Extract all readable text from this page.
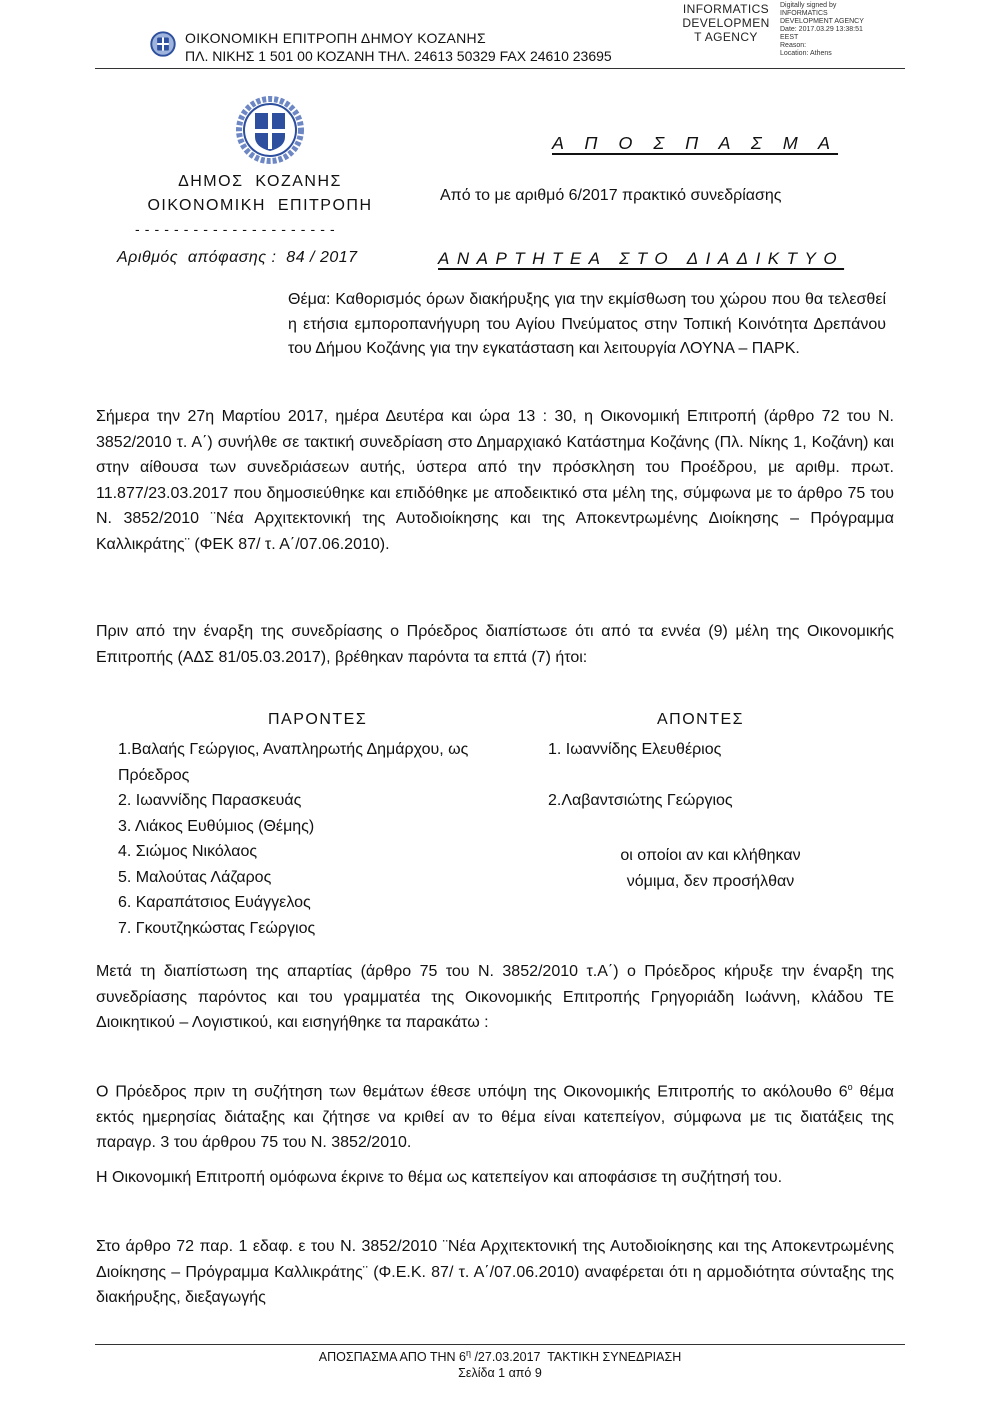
ΟΙΚΟΝΟΜΙΚΗ ΕΠΙΤΡΟΠΗ ΔΗΜΟΥ ΚΟΖΑΝΗΣ
ΠΛ. ΝΙΚΗΣ 1 501 00 ΚΟΖΑΝΗ ΤΗΛ. 24613 50329 FAX 24610 23695
INFORMATICS
DEVELOPMEN
T AGENCY
Digitally signed by
INFORMATICS
DEVELOPMENT AGENCY
Date: 2017.03.29 13:38:51
EEST
Reason:
Location: Athens
Α Π Ο Σ Π Α Σ Μ Α
ΔΗΜΟΣ  ΚΟΖΑΝΗΣ
ΟΙΚΟΝΟΜΙΚΗ  ΕΠΙΤΡΟΠΗ
- - - - - - - - - - - - - - - - - - - - -
Από το με αριθμό 6/2017 πρακτικό συνεδρίασης
Αριθμός  απόφασης :  84 / 2017	ΑΝΑΡΤΗΤΕΑ ΣΤΟ ΔΙΑΔΙΚΤΥΟ
Θέμα: Καθορισμός όρων διακήρυξης για την εκμίσθωση του χώρου που θα τελεσθεί η ετήσια εμποροπανήγυρη του Αγίου Πνεύματος στην Τοπική Κοινότητα Δρεπάνου του Δήμου Κοζάνης για την εγκατάσταση και λειτουργία ΛΟΥΝΑ – ΠΑΡΚ.
Σήμερα την 27η Μαρτίου 2017, ημέρα Δευτέρα και ώρα 13 : 30, η Οικονομική Επιτροπή (άρθρο 72 του Ν. 3852/2010 τ. Α΄) συνήλθε σε τακτική συνεδρίαση στο Δημαρχιακό Κατάστημα Κοζάνης (Πλ. Νίκης 1, Κοζάνη) και στην αίθουσα των συνεδριάσεων αυτής, ύστερα από την πρόσκληση του Προέδρου, με αριθμ. πρωτ. 11.877/23.03.2017 που δημοσιεύθηκε και επιδόθηκε με αποδεικτικό στα μέλη της, σύμφωνα με το άρθρο 75 του Ν. 3852/2010 ¨Νέα Αρχιτεκτονική της Αυτοδιοίκησης και της Αποκεντρωμένης Διοίκησης – Πρόγραμμα Καλλικράτης¨ (ΦΕΚ 87/ τ. Α΄/07.06.2010).
Πριν από την έναρξη της συνεδρίασης ο Πρόεδρος διαπίστωσε ότι από τα εννέα (9) μέλη της Οικονομικής Επιτροπής (ΑΔΣ 81/05.03.2017), βρέθηκαν παρόντα τα επτά (7) ήτοι:
ΠΑΡΟΝΤΕΣ	ΑΠΟΝΤΕΣ
1.Βαλαής Γεώργιος, Αναπληρωτής Δημάρχου, ως
Πρόεδρος
2. Ιωαννίδης Παρασκευάς
3. Λιάκος Ευθύμιος (Θέμης)
4. Σιώμος Νικόλαος
5. Μαλούτας Λάζαρος
6. Καραπάτσιος Ευάγγελος
7. Γκουτζηκώστας Γεώργιος
1. Ιωαννίδης Ελευθέριος
2.Λαβαντσιώτης Γεώργιος
οι οποίοι αν και κλήθηκαν
νόμιμα, δεν προσήλθαν
Μετά τη διαπίστωση της απαρτίας (άρθρο 75 του Ν. 3852/2010 τ.Α΄) ο Πρόεδρος κήρυξε την έναρξη της συνεδρίασης παρόντος και του γραμματέα της Οικονομικής Επιτροπής Γρηγοριάδη Ιωάννη, κλάδου ΤΕ Διοικητικού – Λογιστικού, και εισηγήθηκε τα παρακάτω :
Ο Πρόεδρος πριν τη συζήτηση των θεμάτων έθεσε υπόψη της Οικονομικής Επιτροπής το ακόλουθο $6^o$ θέμα εκτός ημερησίας διάταξης και ζήτησε να κριθεί αν το θέμα είναι κατεπείγον, σύμφωνα με τις διατάξεις της παραγρ. 3 του άρθρου 75 του Ν. 3852/2010.
Η Οικονομική Επιτροπή ομόφωνα έκρινε το θέμα ως κατεπείγον και αποφάσισε τη συζήτησή του.
Στο άρθρο 72 παρ. 1 εδαφ. ε του Ν. 3852/2010 ¨Νέα Αρχιτεκτονική της Αυτοδιοίκησης και της Αποκεντρωμένης Διοίκησης – Πρόγραμμα Καλλικράτης¨ (Φ.Ε.Κ. 87/ τ. Α΄/07.06.2010) αναφέρεται ότι η αρμοδιότητα σύνταξης της διακήρυξης, διεξαγωγής
ΑΠΟΣΠΑΣΜΑ ΑΠΟ ΤΗΝ $6^\eta$ /27.03.2017  ΤΑΚΤΙΚΗ ΣΥΝΕΔΡΙΑΣΗ
Σελίδα 1 από 9
